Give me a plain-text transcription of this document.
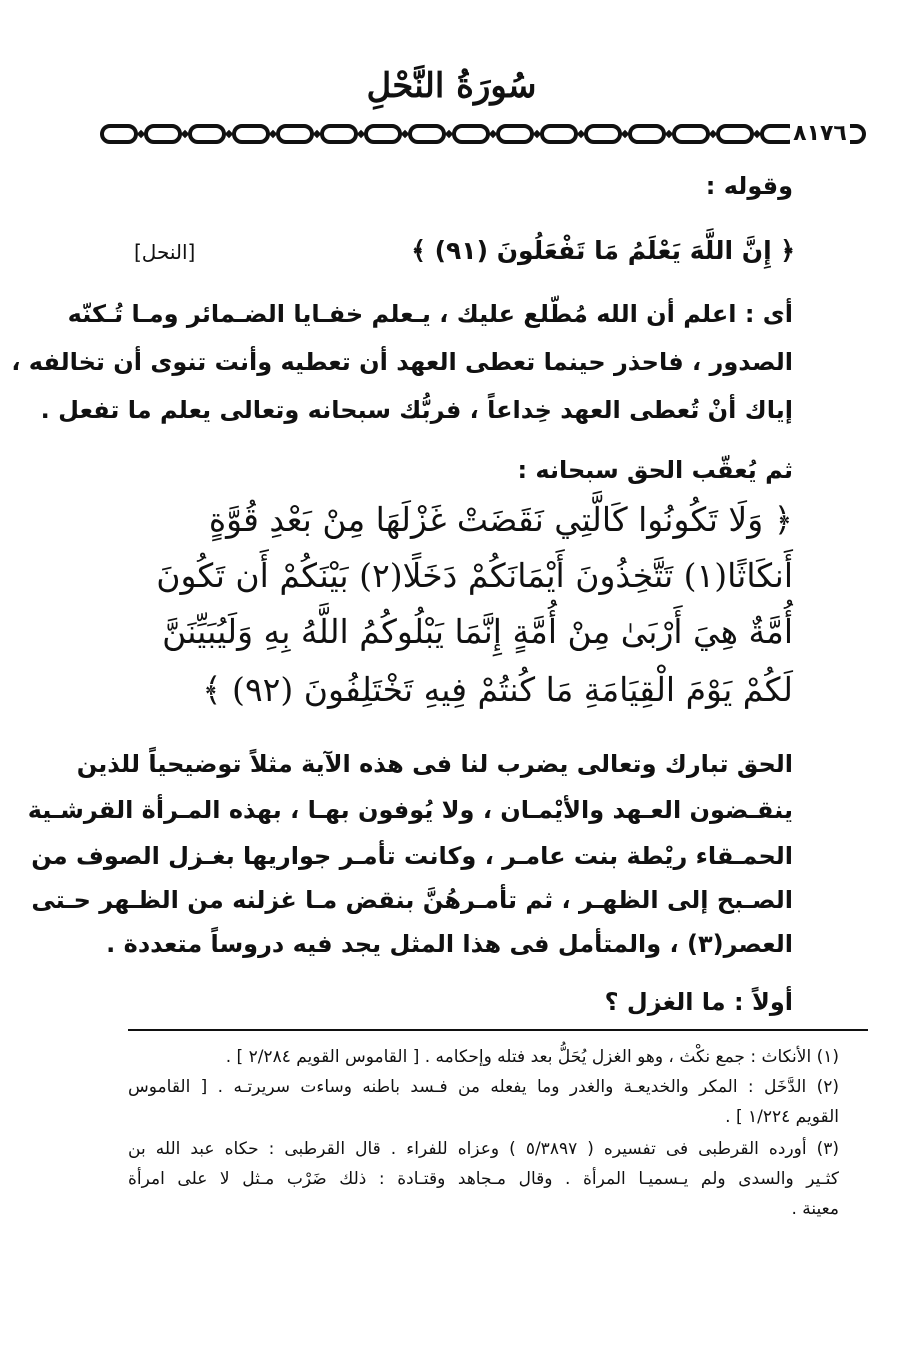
سُورَةُ النَّحْلِ
٨١٧٦
وقوله :
﴿ إِنَّ اللَّهَ يَعْلَمُ مَا تَفْعَلُونَ (٩١) ﴾
[النحل]
أى : اعلم أن الله مُطّلع عليك ، يـعلم خفـايا الضـمائر ومـا تُـكنّه
الصدور ، فاحذر حينما تعطى العهد أن تعطيه وأنت تنوى أن تخالفه ،
إياك أنْ تُعطى العهد خِداعاً ، فربُّك سبحانه وتعالى يعلم ما تفعل .
ثم يُعقّب الحق سبحانه :
﴿ وَلَا تَكُونُوا كَالَّتِي نَقَضَتْ غَزْلَهَا مِنْ بَعْدِ قُوَّةٍ
أَنكَاثًا(١) تَتَّخِذُونَ أَيْمَانَكُمْ دَخَلًا(٢) بَيْنَكُمْ أَن تَكُونَ
أُمَّةٌ هِيَ أَرْبَىٰ مِنْ أُمَّةٍ إِنَّمَا يَبْلُوكُمُ اللَّهُ بِهِ وَلَيُبَيِّنَنَّ
لَكُمْ يَوْمَ الْقِيَامَةِ مَا كُنتُمْ فِيهِ تَخْتَلِفُونَ (٩٢) ﴾
الحق تبارك وتعالى يضرب لنا فى هذه الآية مثلاً توضيحياً للذين
ينقـضون العـهد والأيْمـان ، ولا يُوفون بهـا ، بهذه المـرأة القرشـية
الحمـقاء ريْطة بنت عامـر ، وكانت تأمـر جواريها بغـزل الصوف من
الصـبح إلى الظهـر ، ثم تأمـرهُنَّ بنقض مـا غزلنه من الظـهر حـتى
العصر(٣) ، والمتأمل فى هذا المثل يجد فيه دروساً متعددة .
أولاً : ما الغزل ؟
(١) الأنكاث : جمع نكْث ، وهو الغزل يُحَلُّ بعد فتله وإحكامه . [ القاموس القويم ٢/٢٨٤ ] .
(٢) الدَّخَل : المكر والخديعـة والغدر وما يفعله من فـسد باطنه وساءت سريرتـه . [ القاموس
القويم ١/٢٢٤ ] .
(٣) أورده القرطبى فى تفسيره ( ٥/٣٨٩٧ ) وعزاه للفراء . قال القرطبى : حكاه عبد الله بن
كثـير والسدى ولم يـسميـا المرأة . وقال مـجاهد وقتـادة : ذلك ضَرْب مـثل لا على امرأة
معينة .
